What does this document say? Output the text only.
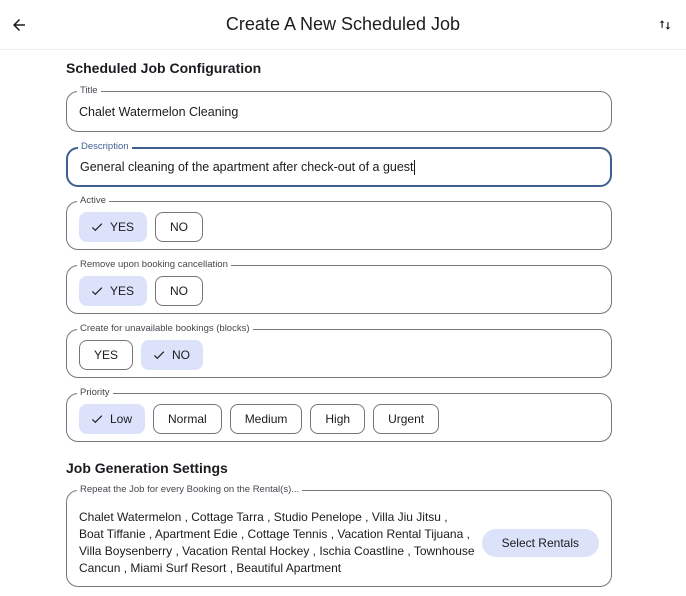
Create A New Scheduled Job
Scheduled Job Configuration
Title
Chalet Watermelon Cleaning
Description
General cleaning of the apartment after check-out of a guest
Active
YES	NO
Remove upon booking cancellation
YES	NO
Create for unavailable bookings (blocks)
YES	NO
Priority
Low	Normal	Medium	High	Urgent
Job Generation Settings
Repeat the Job for every Booking on the Rental(s)...
Chalet Watermelon , Cottage Tarra , Studio Penelope , Villa Jiu Jitsu , Boat Tiffanie , Apartment Edie , Cottage Tennis , Vacation Rental Tijuana , Villa Boysenberry , Vacation Rental Hockey , Ischia Coastline , Townhouse Cancun , Miami Surf Resort , Beautiful Apartment
Select Rentals
